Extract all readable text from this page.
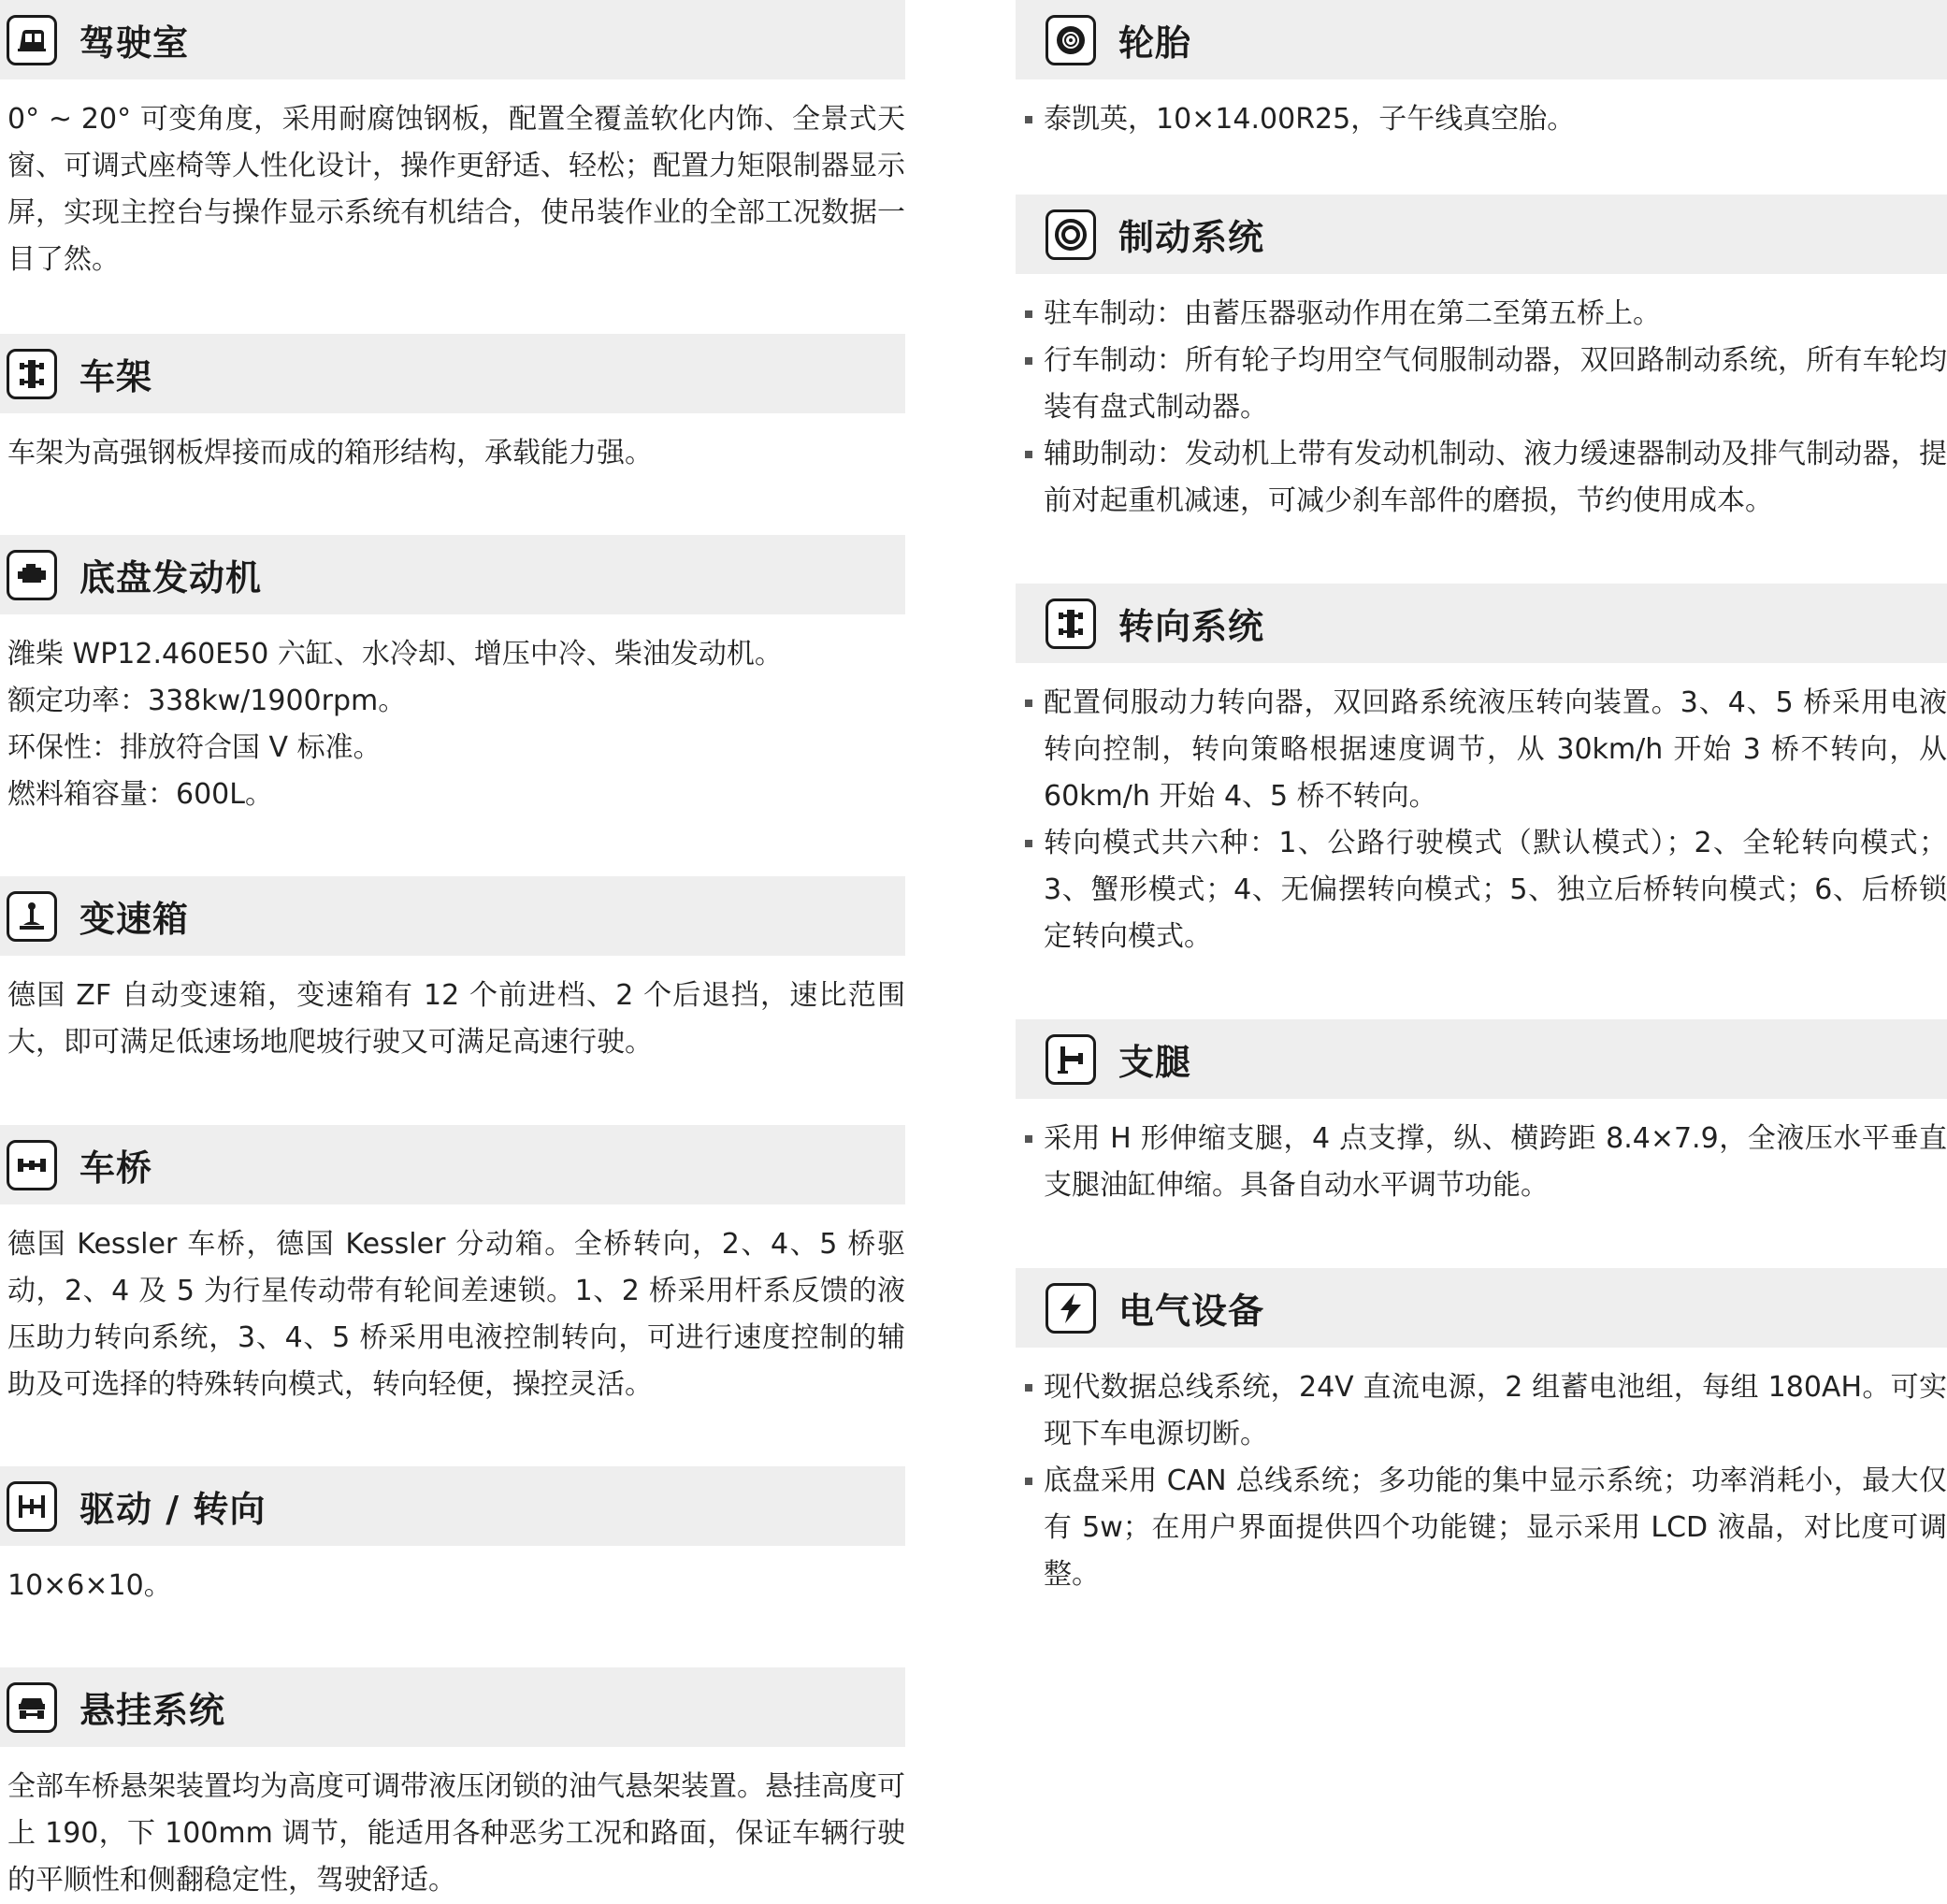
驾驶室

0° ~ 20° 可变角度，采用耐腐蚀钢板，配置全覆盖软化内饰、全景式天窗、可调式座椅等人性化设计，操作更舒适、轻松；配置力矩限制器显示屏，实现主控台与操作显示系统有机结合，使吊装作业的全部工况数据一目了然。

车架

车架为高强钢板焊接而成的箱形结构，承载能力强。

底盘发动机

潍柴 WP12.460E50 六缸、水冷却、增压中冷、柴油发动机。

额定功率：338kw/1900rpm。

环保性：排放符合国 V 标准。

燃料箱容量：600L。

变速箱

德国 ZF 自动变速箱，变速箱有 12 个前进档、2 个后退挡，速比范围大，即可满足低速场地爬坡行驶又可满足高速行驶。

车桥

德国 Kessler 车桥，德国 Kessler 分动箱。全桥转向，2、4、5 桥驱动，2、4 及 5 为行星传动带有轮间差速锁。1、2 桥采用杆系反馈的液压助力转向系统，3、4、5 桥采用电液控制转向，可进行速度控制的辅助及可选择的特殊转向模式，转向轻便，操控灵活。

驱动 / 转向

10×6×10。

悬挂系统

全部车桥悬架装置均为高度可调带液压闭锁的油气悬架装置。悬挂高度可上 190，下 100mm 调节，能适用各种恶劣工况和路面，保证车辆行驶的平顺性和侧翻稳定性，驾驶舒适。

轮胎
泰凯英，10×14.00R25，子午线真空胎。
制动系统
驻车制动：由蓄压器驱动作用在第二至第五桥上。
行车制动：所有轮子均用空气伺服制动器，双回路制动系统，所有车轮均装有盘式制动器。
辅助制动：发动机上带有发动机制动、液力缓速器制动及排气制动器，提前对起重机减速，可减少刹车部件的磨损，节约使用成本。
转向系统
配置伺服动力转向器，双回路系统液压转向装置。3、4、5 桥采用电液转向控制，转向策略根据速度调节，从 30km/h 开始 3 桥不转向，从 60km/h 开始 4、5 桥不转向。
转向模式共六种：1、公路行驶模式（默认模式）；2、全轮转向模式；3、蟹形模式；4、无偏摆转向模式；5、独立后桥转向模式；6、后桥锁定转向模式。
支腿
采用 H 形伸缩支腿，4 点支撑，纵、横跨距 8.4×7.9，全液压水平垂直支腿油缸伸缩。具备自动水平调节功能。
电气设备
现代数据总线系统，24V 直流电源，2 组蓄电池组，每组 180AH。可实现下车电源切断。
底盘采用 CAN 总线系统；多功能的集中显示系统；功率消耗小，最大仅有 5w；在用户界面提供四个功能键；显示采用 LCD 液晶，对比度可调整。
